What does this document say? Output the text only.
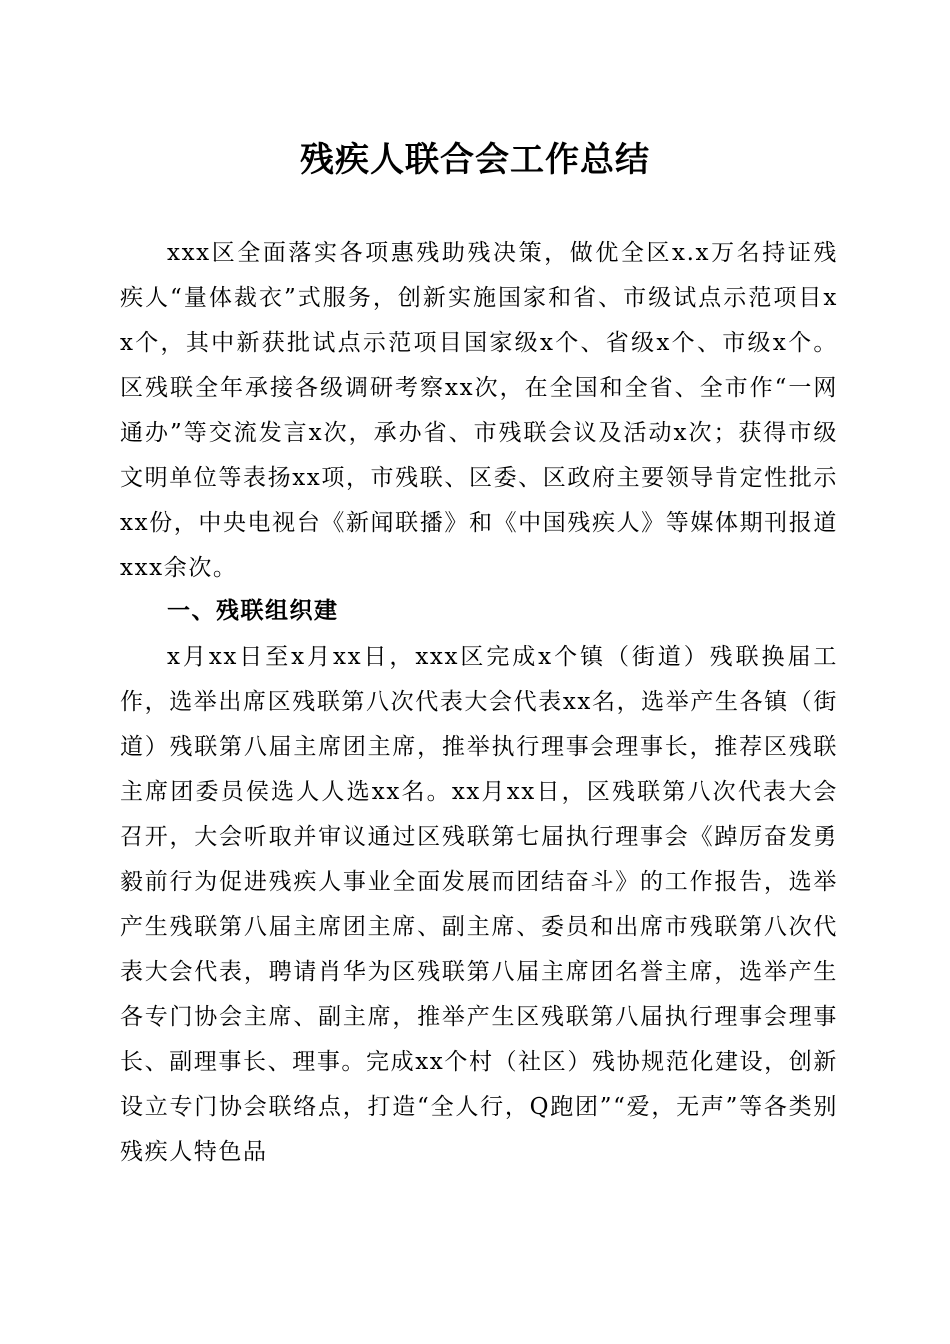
残疾人联合会工作总结

xxx区全面落实各项惠残助残决策，做优全区x.x万名持证残疾人“量体裁衣”式服务，创新实施国家和省、市级试点示范项目xx个，其中新获批试点示范项目国家级x个、省级x个、市级x个。区残联全年承接各级调研考察xx次，在全国和全省、全市作“一网通办”等交流发言x次，承办省、市残联会议及活动x次；获得市级文明单位等表扬xx项，市残联、区委、区政府主要领导肯定性批示xx份，中央电视台《新闻联播》和《中国残疾人》等媒体期刊报道xxx余次。

一、残联组织建

x月xx日至x月xx日，xxx区完成x个镇（街道）残联换届工作，选举出席区残联第八次代表大会代表xx名，选举产生各镇（街道）残联第八届主席团主席，推举执行理事会理事长，推荐区残联主席团委员侯选人人选xx名。xx月xx日，区残联第八次代表大会召开，大会听取并审议通过区残联第七届执行理事会《踔厉奋发勇毅前行为促进残疾人事业全面发展而团结奋斗》的工作报告，选举产生残联第八届主席团主席、副主席、委员和出席市残联第八次代表大会代表，聘请肖华为区残联第八届主席团名誉主席，选举产生各专门协会主席、副主席，推举产生区残联第八届执行理事会理事长、副理事长、理事。完成xx个村（社区）残协规范化建设，创新设立专门协会联络点，打造“全人行，Q跑团”“爱，无声”等各类别残疾人特色品
